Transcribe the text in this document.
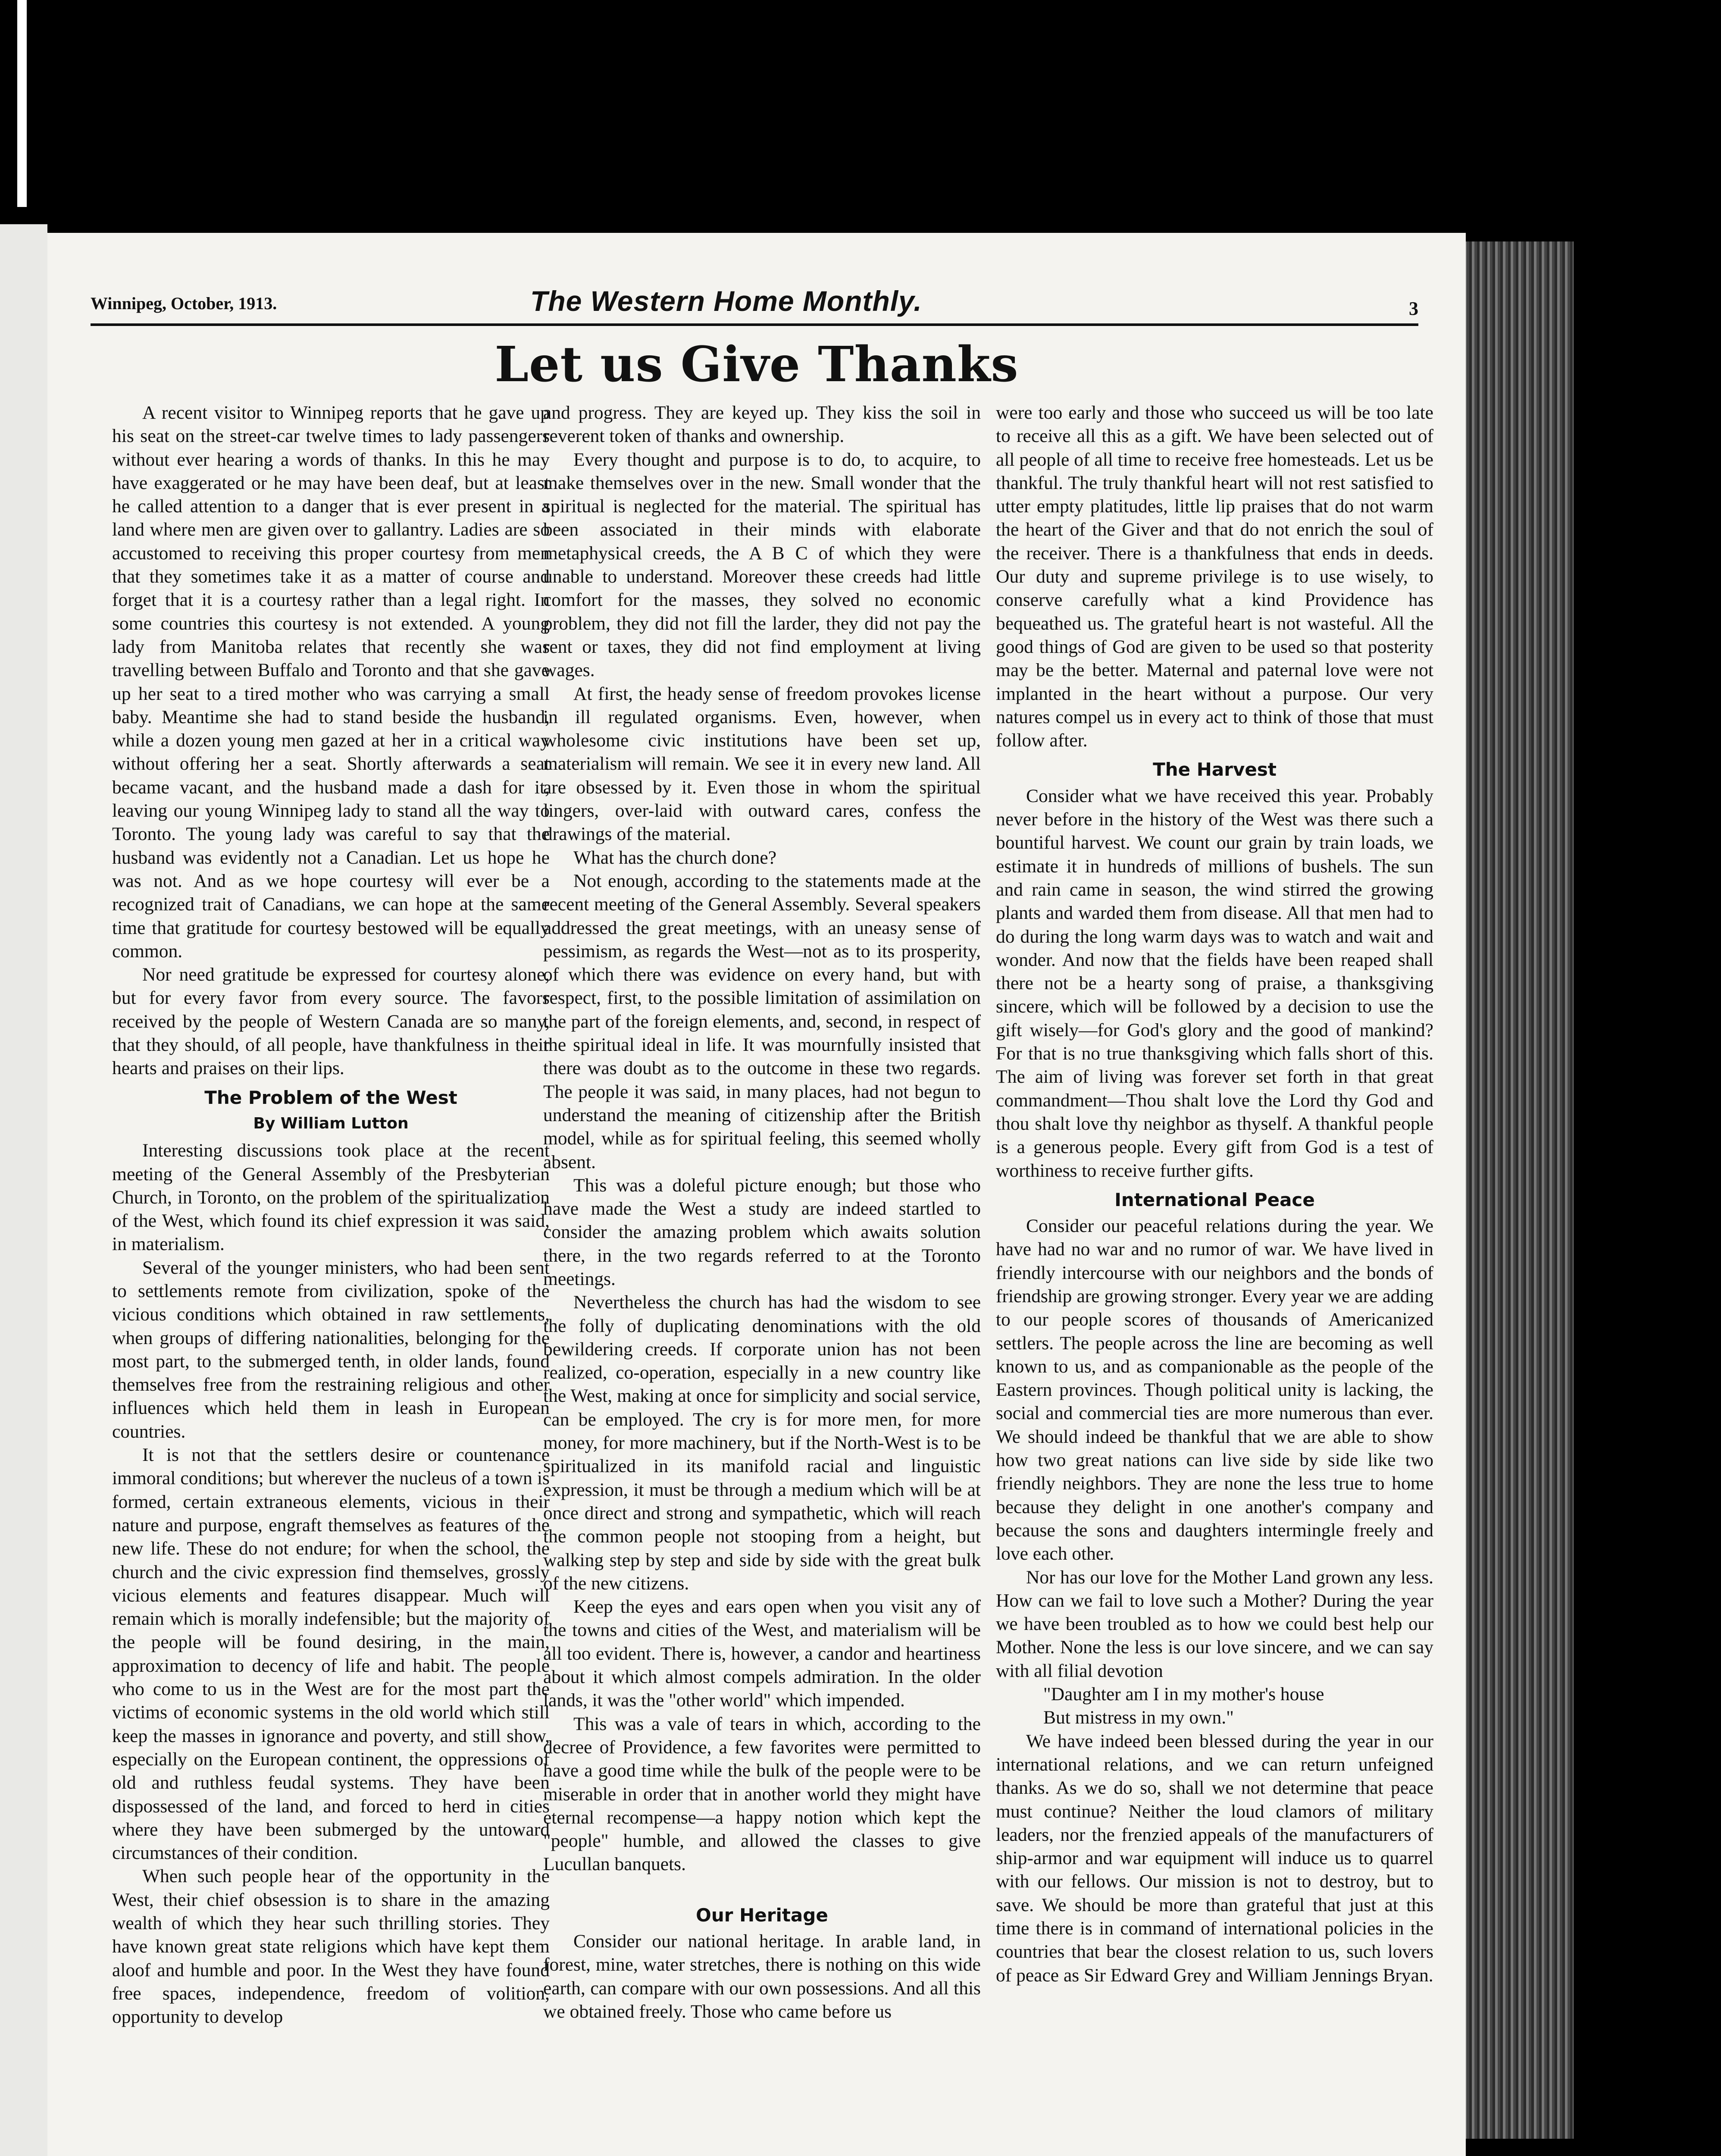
Winnipeg, October, 1913.	The Western Home Monthly.	3
Let us Give Thanks

A recent visitor to Winnipeg reports that he gave up his seat on the street-car twelve times to lady passengers without ever hearing a words of thanks. In this he may have exaggerated or he may have been deaf, but at least he called attention to a danger that is ever present in a land where men are given over to gallantry. Ladies are so accustomed to receiving this proper courtesy from men that they sometimes take it as a matter of course and forget that it is a courtesy rather than a legal right. In some countries this courtesy is not extended. A young lady from Manitoba relates that recently she was travelling between Buffalo and Toronto and that she gave up her seat to a tired mother who was carrying a small baby. Meantime she had to stand beside the husband, while a dozen young men gazed at her in a critical way without offering her a seat. Shortly afterwards a seat became vacant, and the husband made a dash for it, leaving our young Winnipeg lady to stand all the way to Toronto. The young lady was careful to say that the husband was evidently not a Canadian. Let us hope he was not. And as we hope courtesy will ever be a recognized trait of Canadians, we can hope at the same time that gratitude for courtesy bestowed will be equally common.

Nor need gratitude be expressed for courtesy alone, but for every favor from every source. The favors received by the people of Western Canada are so many, that they should, of all people, have thankfulness in their hearts and praises on their lips.

The Problem of the West
By William Lutton

Interesting discussions took place at the recent meeting of the General Assembly of the Presbyterian Church, in Toronto, on the problem of the spiritualization of the West, which found its chief expression it was said, in materialism.

Several of the younger ministers, who had been sent to settlements remote from civilization, spoke of the vicious conditions which obtained in raw settlements, when groups of differing nationalities, belonging for the most part, to the submerged tenth, in older lands, found themselves free from the restraining religious and other influences which held them in leash in European countries.

It is not that the settlers desire or countenance immoral conditions; but wherever the nucleus of a town is formed, certain extraneous elements, vicious in their nature and purpose, engraft themselves as features of the new life. These do not endure; for when the school, the church and the civic expression find themselves, grossly vicious elements and features disappear. Much will remain which is morally indefensible; but the majority of the people will be found desiring, in the main, approximation to decency of life and habit. The people who come to us in the West are for the most part the victims of economic systems in the old world which still keep the masses in ignorance and poverty, and still show, especially on the European continent, the oppressions of old and ruthless feudal systems. They have been dispossessed of the land, and forced to herd in cities where they have been submerged by the untoward circumstances of their condition.

When such people hear of the opportunity in the West, their chief obsession is to share in the amazing wealth of which they hear such thrilling stories. They have known great state religions which have kept them aloof and humble and poor. In the West they have found free spaces, independence, freedom of volition, opportunity to develop

and progress. They are keyed up. They kiss the soil in reverent token of thanks and ownership.

Every thought and purpose is to do, to acquire, to make themselves over in the new. Small wonder that the spiritual is neglected for the material. The spiritual has been associated in their minds with elaborate metaphysical creeds, the A B C of which they were unable to understand. Moreover these creeds had little comfort for the masses, they solved no economic problem, they did not fill the larder, they did not pay the rent or taxes, they did not find employment at living wages.

At first, the heady sense of freedom provokes license in ill regulated organisms. Even, however, when wholesome civic institutions have been set up, materialism will remain. We see it in every new land. All are obsessed by it. Even those in whom the spiritual lingers, over-laid with outward cares, confess the drawings of the material.

What has the church done?

Not enough, according to the statements made at the recent meeting of the General Assembly. Several speakers addressed the great meetings, with an uneasy sense of pessimism, as regards the West—not as to its prosperity, of which there was evidence on every hand, but with respect, first, to the possible limitation of assimilation on the part of the foreign elements, and, second, in respect of the spiritual ideal in life. It was mournfully insisted that there was doubt as to the outcome in these two regards. The people it was said, in many places, had not begun to understand the meaning of citizenship after the British model, while as for spiritual feeling, this seemed wholly absent.

This was a doleful picture enough; but those who have made the West a study are indeed startled to consider the amazing problem which awaits solution there, in the two regards referred to at the Toronto meetings.

Nevertheless the church has had the wisdom to see the folly of duplicating denominations with the old bewildering creeds. If corporate union has not been realized, co-operation, especially in a new country like the West, making at once for simplicity and social service, can be employed. The cry is for more men, for more money, for more machinery, but if the North-West is to be spiritualized in its manifold racial and linguistic expression, it must be through a medium which will be at once direct and strong and sympathetic, which will reach the common people not stooping from a height, but walking step by step and side by side with the great bulk of the new citizens.

Keep the eyes and ears open when you visit any of the towns and cities of the West, and materialism will be all too evident. There is, however, a candor and heartiness about it which almost compels admiration. In the older lands, it was the "other world" which impended.

This was a vale of tears in which, according to the decree of Providence, a few favorites were permitted to have a good time while the bulk of the people were to be miserable in order that in another world they might have eternal recompense—a happy notion which kept the "people" humble, and allowed the classes to give Lucullan banquets.

Our Heritage

Consider our national heritage. In arable land, in forest, mine, water stretches, there is nothing on this wide earth, can compare with our own possessions. And all this we obtained freely. Those who came before us

were too early and those who succeed us will be too late to receive all this as a gift. We have been selected out of all people of all time to receive free homesteads. Let us be thankful. The truly thankful heart will not rest satisfied to utter empty platitudes, little lip praises that do not warm the heart of the Giver and that do not enrich the soul of the receiver. There is a thankfulness that ends in deeds. Our duty and supreme privilege is to use wisely, to conserve carefully what a kind Providence has bequeathed us. The grateful heart is not wasteful. All the good things of God are given to be used so that posterity may be the better. Maternal and paternal love were not implanted in the heart without a purpose. Our very natures compel us in every act to think of those that must follow after.

The Harvest

Consider what we have received this year. Probably never before in the history of the West was there such a bountiful harvest. We count our grain by train loads, we estimate it in hundreds of millions of bushels. The sun and rain came in season, the wind stirred the growing plants and warded them from disease. All that men had to do during the long warm days was to watch and wait and wonder. And now that the fields have been reaped shall there not be a hearty song of praise, a thanksgiving sincere, which will be followed by a decision to use the gift wisely—for God's glory and the good of mankind? For that is no true thanksgiving which falls short of this. The aim of living was forever set forth in that great commandment—Thou shalt love the Lord thy God and thou shalt love thy neighbor as thyself. A thankful people is a generous people. Every gift from God is a test of worthiness to receive further gifts.

International Peace

Consider our peaceful relations during the year. We have had no war and no rumor of war. We have lived in friendly intercourse with our neighbors and the bonds of friendship are growing stronger. Every year we are adding to our people scores of thousands of Americanized settlers. The people across the line are becoming as well known to us, and as companionable as the people of the Eastern provinces. Though political unity is lacking, the social and commercial ties are more numerous than ever. We should indeed be thankful that we are able to show how two great nations can live side by side like two friendly neighbors. They are none the less true to home because they delight in one another's company and because the sons and daughters intermingle freely and love each other.

Nor has our love for the Mother Land grown any less. How can we fail to love such a Mother? During the year we have been troubled as to how we could best help our Mother. None the less is our love sincere, and we can say with all filial devotion

"Daughter am I in my mother's house

But mistress in my own."

We have indeed been blessed during the year in our international relations, and we can return unfeigned thanks. As we do so, shall we not determine that peace must continue? Neither the loud clamors of military leaders, nor the frenzied appeals of the manufacturers of ship-armor and war equipment will induce us to quarrel with our fellows. Our mission is not to destroy, but to save. We should be more than grateful that just at this time there is in command of international policies in the countries that bear the closest relation to us, such lovers of peace as Sir Edward Grey and William Jennings Bryan.
